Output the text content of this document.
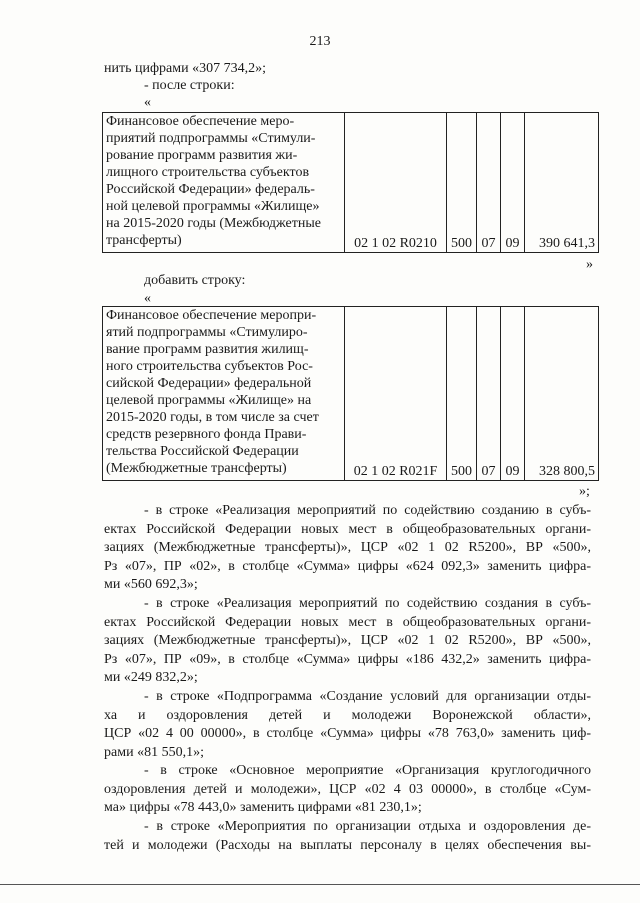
213
нить цифрами «307 734,2»;
- после строки:
«
Финансовое обеспечение меро-
приятий подпрограммы «Стимули-
рование программ развития жи-
лищного строительства субъектов
Российской Федерации» федераль-
ной целевой программы «Жилище»
на 2015-2020 годы (Межбюджетные
трансферты)	02 1 02 R0210	500	07	09	390 641,3
»
добавить строку:
«
Финансовое обеспечение меропри-
ятий подпрограммы «Стимулиро-
вание программ развития жилищ-
ного строительства субъектов Рос-
сийской Федерации» федеральной
целевой программы «Жилище» на
2015-2020 годы, в том числе за счет
средств резервного фонда Прави-
тельства Российской Федерации
(Межбюджетные трансферты)	02 1 02 R021F	500	07	09	328 800,5
»;
- в строке «Реализация мероприятий по содействию созданию в субъ-
ектах Российской Федерации новых мест в общеобразовательных органи-
зациях (Межбюджетные трансферты)», ЦСР «02 1 02 R5200», ВР «500»,
Рз «07», ПР «02», в столбце «Сумма» цифры «624 092,3» заменить цифра-
ми «560 692,3»;
- в строке «Реализация мероприятий по содействию создания в субъ-
ектах Российской Федерации новых мест в общеобразовательных органи-
зациях (Межбюджетные трансферты)», ЦСР «02 1 02 R5200», ВР «500»,
Рз «07», ПР «09», в столбце «Сумма» цифры «186 432,2» заменить цифра-
ми «249 832,2»;
- в строке «Подпрограмма «Создание условий для организации отды-
ха и оздоровления детей и молодежи Воронежской области»,
ЦСР «02 4 00 00000», в столбце «Сумма» цифры «78 763,0» заменить циф-
рами «81 550,1»;
- в строке «Основное мероприятие «Организация круглогодичного
оздоровления детей и молодежи», ЦСР «02 4 03 00000», в столбце «Сум-
ма» цифры «78 443,0» заменить цифрами «81 230,1»;
- в строке «Мероприятия по организации отдыха и оздоровления де-
тей и молодежи (Расходы на выплаты персоналу в целях обеспечения вы-
